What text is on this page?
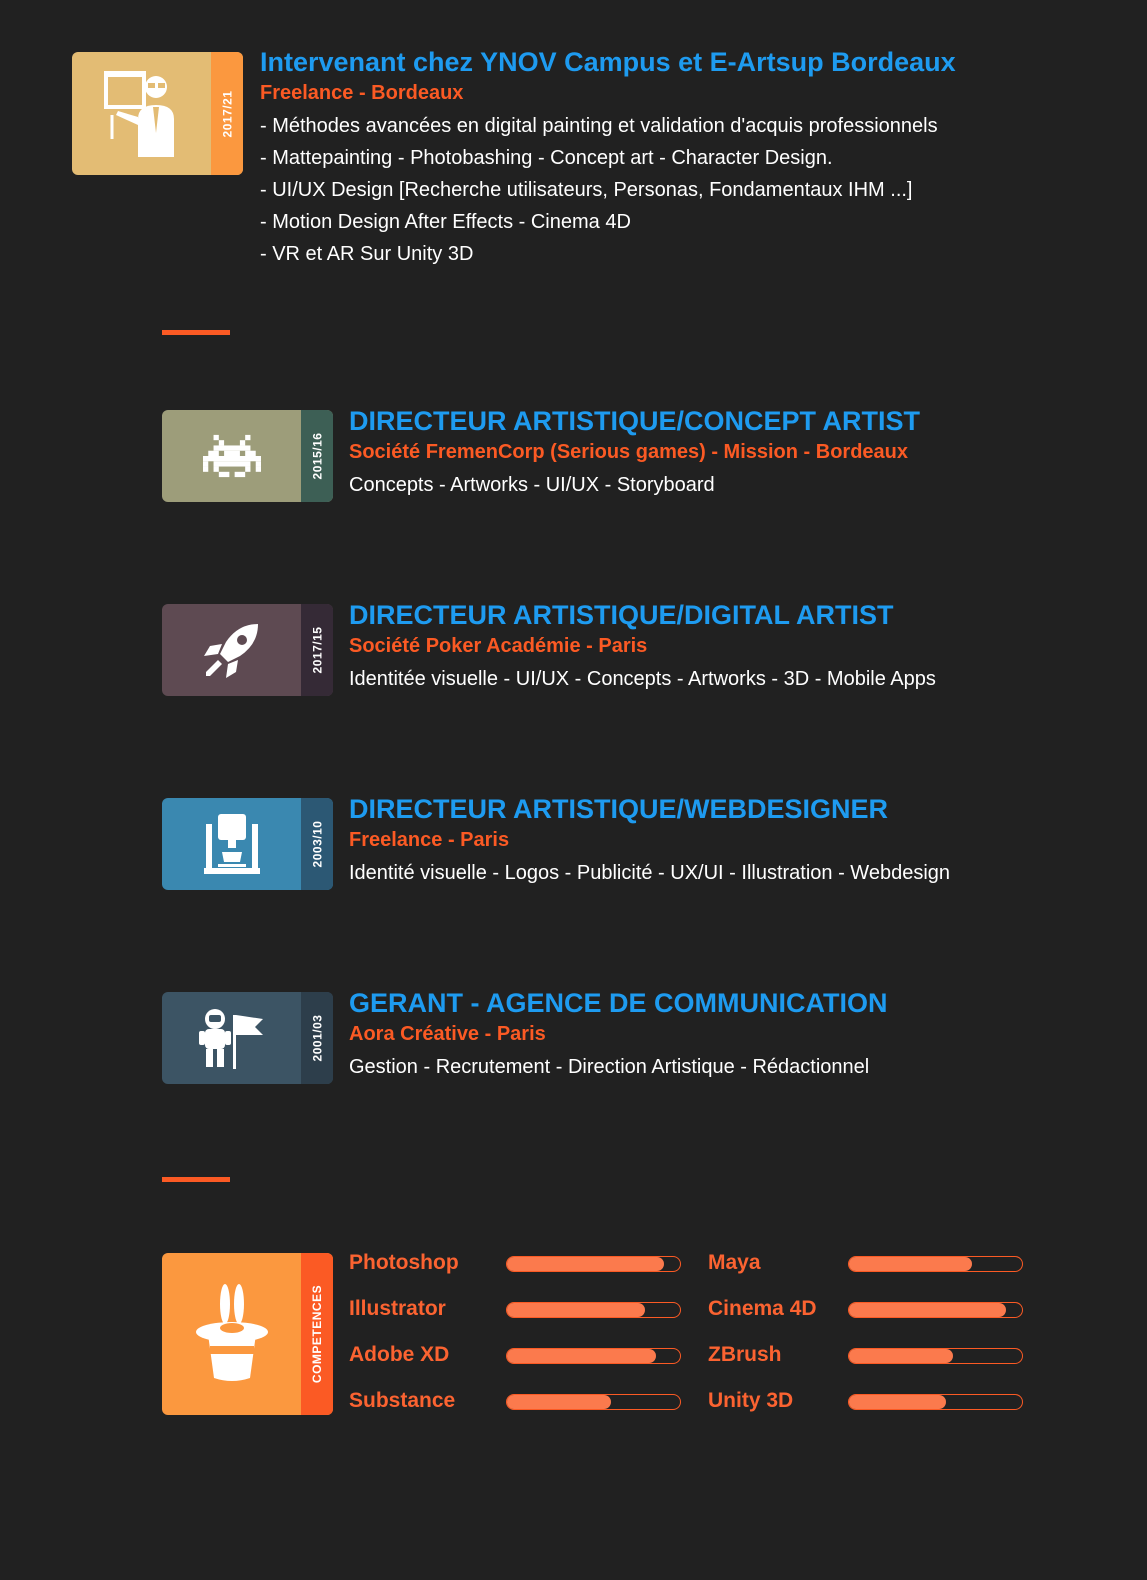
2017/21
Intervenant chez YNOV Campus et E-Artsup Bordeaux
Freelance - Bordeaux
- Méthodes avancées en digital painting et validation d'acquis professionnels
- Mattepainting - Photobashing - Concept art - Character Design.
- UI/UX Design [Recherche utilisateurs, Personas, Fondamentaux IHM ...]
- Motion Design After Effects - Cinema 4D
- VR et AR Sur Unity 3D
2015/16
DIRECTEUR ARTISTIQUE/CONCEPT ARTIST
Société FremenCorp (Serious games) - Mission - Bordeaux
Concepts - Artworks - UI/UX - Storyboard
2017/15
DIRECTEUR ARTISTIQUE/DIGITAL ARTIST
Société Poker Académie - Paris
Identitée visuelle - UI/UX - Concepts - Artworks - 3D - Mobile Apps
2003/10
DIRECTEUR ARTISTIQUE/WEBDESIGNER
Freelance - Paris
Identité visuelle - Logos - Publicité - UX/UI - Illustration - Webdesign
2001/03
GERANT - AGENCE DE COMMUNICATION
Aora Créative - Paris
Gestion - Recrutement - Direction Artistique - Rédactionnel
COMPETENCES
Photoshop
Illustrator
Adobe XD
Substance
Maya
Cinema 4D
ZBrush
Unity 3D
